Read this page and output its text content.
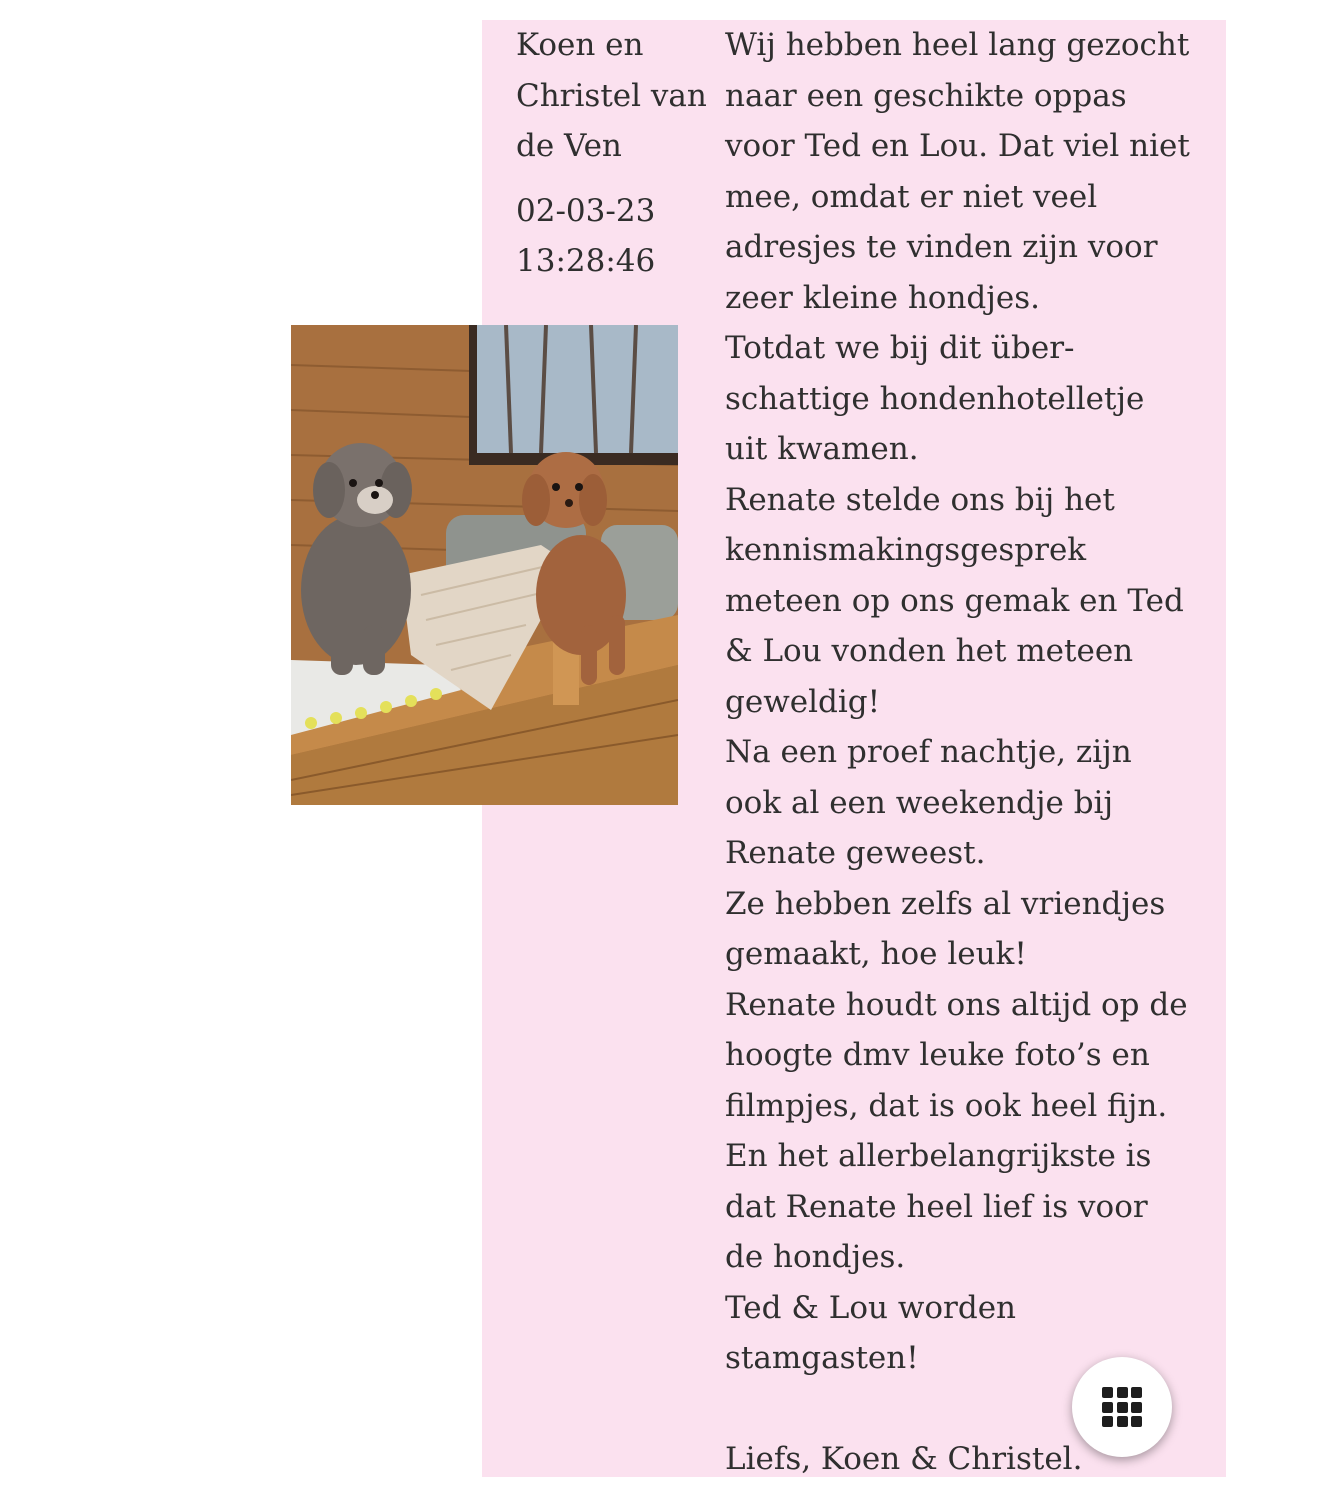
Koen en Christel van de Ven
02-03-23 13:28:46

Wij hebben heel lang gezocht naar een geschikte oppas voor Ted en Lou. Dat viel niet mee, omdat er niet veel adresjes te vinden zijn voor zeer kleine hondjes.

Totdat we bij dit über-schattige hondenhotelletje uit kwamen.

Renate stelde ons bij het kennismakingsgesprek meteen op ons gemak en Ted & Lou vonden het meteen geweldig!

Na een proef nachtje, zijn ook al een weekendje bij Renate geweest.

Ze hebben zelfs al vriendjes gemaakt, hoe leuk!

Renate houdt ons altijd op de hoogte dmv leuke foto’s en filmpjes, dat is ook heel fijn.

En het allerbelangrijkste is dat Renate heel lief is voor de hondjes.

Ted & Lou worden stamgasten!

Liefs, Koen & Christel.
